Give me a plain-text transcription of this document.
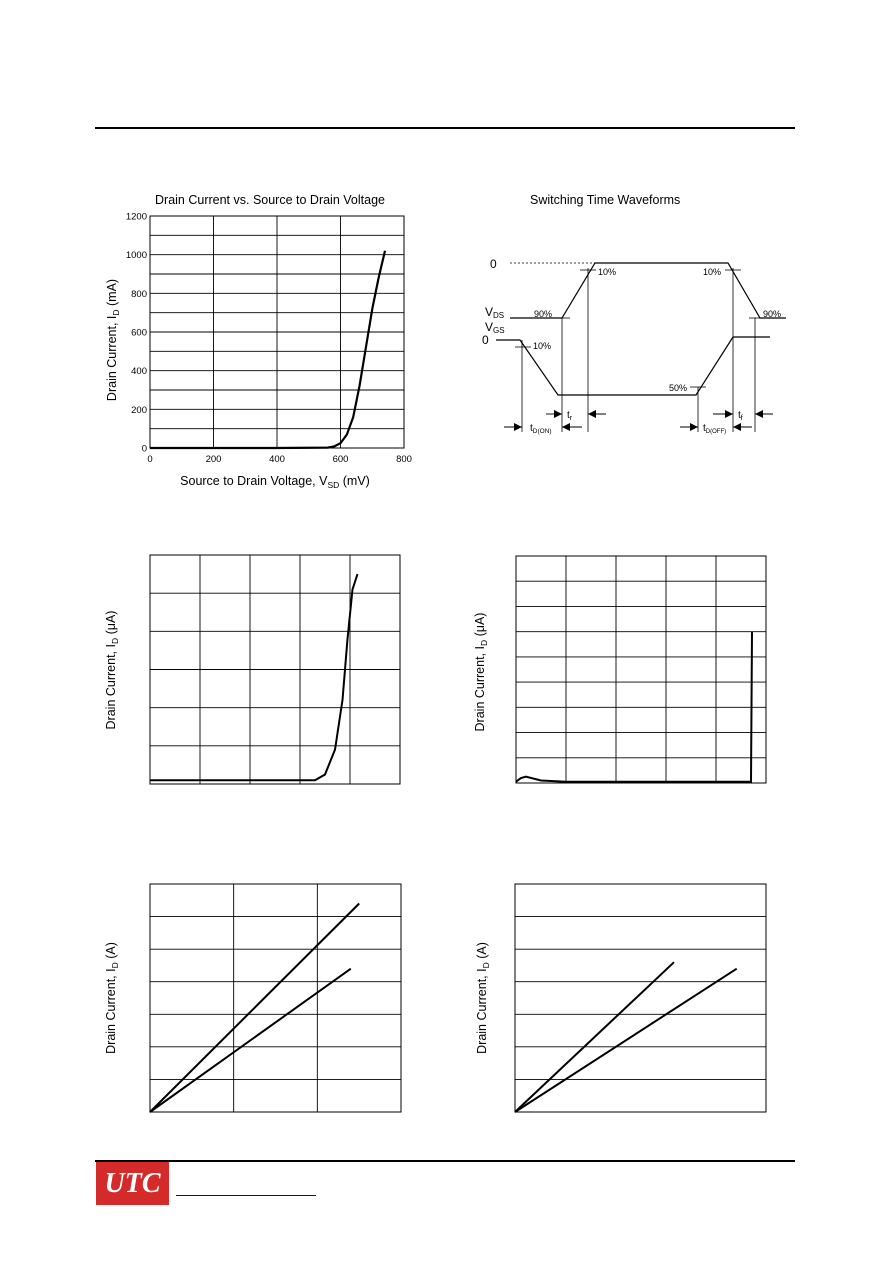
Drain Current vs. Source to Drain Voltage	Switching Time Waveforms
0
200
400
600
800
1000
1200
0	200	400	600	800
Drain Current, $I_D$ (mA)
Source to Drain Voltage, $V_{SD}$ (mV)
0
0
VDS
VGS
10%
90%
10%
90%
10%
50%
$t_r$	$t_f$
$t_{D(ON)}$	$t_{D(OFF)}$
Drain Current, $I_D$ (μA)
Drain Current, $I_D$ (μA)
Drain Current, $I_D$ (A)
Drain Current, $I_D$ (A)
UTC
